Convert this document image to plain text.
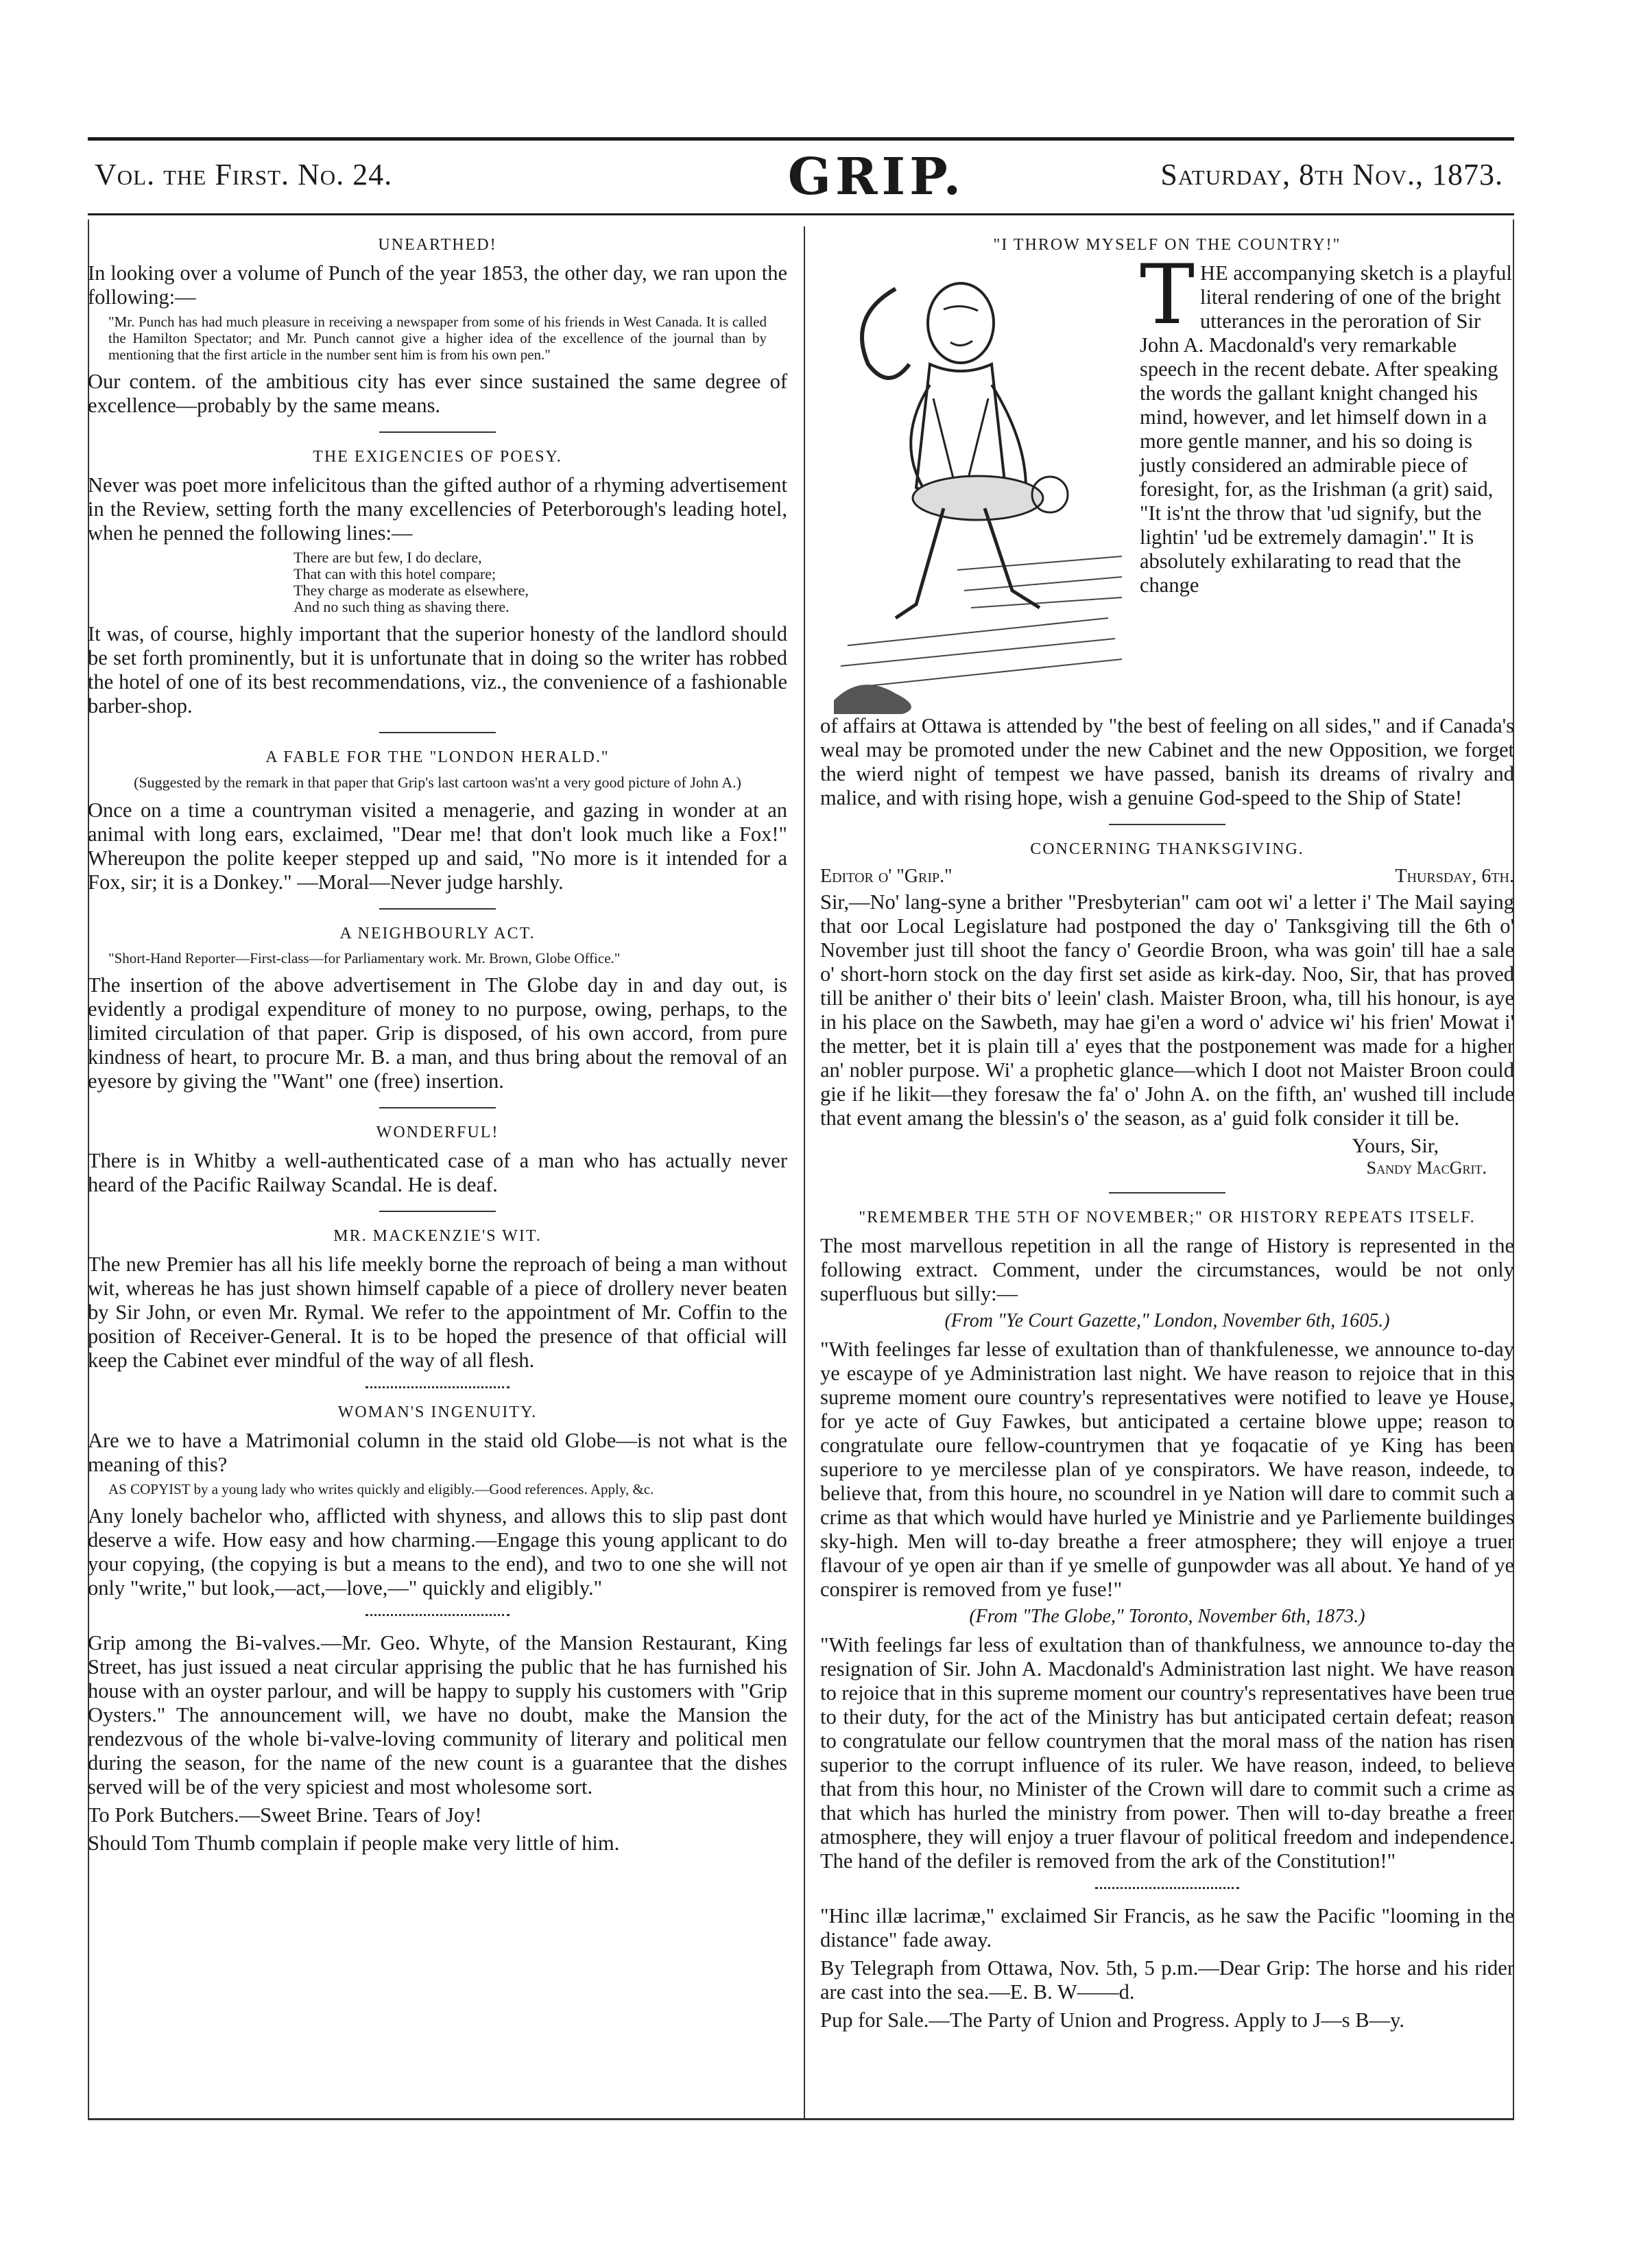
Vol. the First. No. 24.	GRIP.	Saturday, 8th Nov., 1873.
UNEARTHED!

In looking over a volume of Punch of the year 1853, the other day, we ran upon the following:—

"Mr. Punch has had much pleasure in receiving a newspaper from some of his friends in West Canada. It is called the Hamilton Spectator; and Mr. Punch cannot give a higher idea of the excellence of the journal than by mentioning that the first article in the number sent him is from his own pen."

Our contem. of the ambitious city has ever since sustained the same degree of excellence—probably by the same means.

THE EXIGENCIES OF POESY.

Never was poet more infelicitous than the gifted author of a rhyming advertisement in the Review, setting forth the many excellencies of Peterborough's leading hotel, when he penned the following lines:—

There are but few, I do declare,
That can with this hotel compare;
They charge as moderate as elsewhere,
And no such thing as shaving there.

It was, of course, highly important that the superior honesty of the landlord should be set forth prominently, but it is unfortunate that in doing so the writer has robbed the hotel of one of its best recommendations, viz., the convenience of a fashionable barber-shop.

A FABLE FOR THE "LONDON HERALD."

(Suggested by the remark in that paper that Grip's last cartoon was'nt a very good picture of John A.)

Once on a time a countryman visited a menagerie, and gazing in wonder at an animal with long ears, exclaimed, "Dear me! that don't look much like a Fox!" Whereupon the polite keeper stepped up and said, "No more is it intended for a Fox, sir; it is a Donkey." —Moral—Never judge harshly.

A NEIGHBOURLY ACT.

"Short-Hand Reporter—First-class—for Parliamentary work. Mr. Brown, Globe Office."

The insertion of the above advertisement in The Globe day in and day out, is evidently a prodigal expenditure of money to no purpose, owing, perhaps, to the limited circulation of that paper. Grip is disposed, of his own accord, from pure kindness of heart, to procure Mr. B. a man, and thus bring about the removal of an eyesore by giving the "Want" one (free) insertion.

WONDERFUL!

There is in Whitby a well-authenticated case of a man who has actually never heard of the Pacific Railway Scandal. He is deaf.

MR. MACKENZIE'S WIT.

The new Premier has all his life meekly borne the reproach of being a man without wit, whereas he has just shown himself capable of a piece of drollery never beaten by Sir John, or even Mr. Rymal. We refer to the appointment of Mr. Coffin to the position of Receiver-General. It is to be hoped the presence of that official will keep the Cabinet ever mindful of the way of all flesh.

WOMAN'S INGENUITY.

Are we to have a Matrimonial column in the staid old Globe—is not what is the meaning of this?

AS COPYIST by a young lady who writes quickly and eligibly.—Good references. Apply, &c.

Any lonely bachelor who, afflicted with shyness, and allows this to slip past dont deserve a wife. How easy and how charming.—Engage this young applicant to do your copying, (the copying is but a means to the end), and two to one she will not only "write," but look,—act,—love,—" quickly and eligibly."

Grip among the Bi-valves.—Mr. Geo. Whyte, of the Mansion Restaurant, King Street, has just issued a neat circular apprising the public that he has furnished his house with an oyster parlour, and will be happy to supply his customers with "Grip Oysters." The announcement will, we have no doubt, make the Mansion the rendezvous of the whole bi-valve-loving community of literary and political men during the season, for the name of the new count is a guarantee that the dishes served will be of the very spiciest and most wholesome sort.

To Pork Butchers.—Sweet Brine. Tears of Joy!

Should Tom Thumb complain if people make very little of him.

"I THROW MYSELF ON THE COUNTRY!"
T HE accompanying sketch is a playful literal rendering of one of the bright utterances in the peroration of Sir John A. Macdonald's very remarkable speech in the recent debate. After speaking the words the gallant knight changed his mind, however, and let himself down in a more gentle manner, and his so doing is justly considered an admirable piece of foresight, for, as the Irishman (a grit) said, "It is'nt the throw that 'ud signify, but the lightin' 'ud be extremely damagin'." It is absolutely exhilarating to read that the change

of affairs at Ottawa is attended by "the best of feeling on all sides," and if Canada's weal may be promoted under the new Cabinet and the new Opposition, we forget the wierd night of tempest we have passed, banish its dreams of rivalry and malice, and with rising hope, wish a genuine God-speed to the Ship of State!

CONCERNING THANKSGIVING.
Editor o' "Grip."	Thursday, 6th.

Sir,—No' lang-syne a brither "Presbyterian" cam oot wi' a letter i' The Mail saying that oor Local Legislature had postponed the day o' Tanksgiving till the 6th o' November just till shoot the fancy o' Geordie Broon, wha was goin' till hae a sale o' short-horn stock on the day first set aside as kirk-day. Noo, Sir, that has proved till be anither o' their bits o' leein' clash. Maister Broon, wha, till his honour, is aye in his place on the Sawbeth, may hae gi'en a word o' advice wi' his frien' Mowat i' the metter, bet it is plain till a' eyes that the postponement was made for a higher an' nobler purpose. Wi' a prophetic glance—which I doot not Maister Broon could gie if he likit—they foresaw the fa' o' John A. on the fifth, an' wushed till include that event amang the blessin's o' the season, as a' guid folk consider it till be.

Yours, Sir,
Sandy MacGrit.
"REMEMBER THE 5TH OF NOVEMBER;" OR HISTORY REPEATS ITSELF.

The most marvellous repetition in all the range of History is represented in the following extract. Comment, under the circumstances, would be not only superfluous but silly:—

(From "Ye Court Gazette," London, November 6th, 1605.)

"With feelinges far lesse of exultation than of thankfulenesse, we announce to-day ye escaype of ye Administration last night. We have reason to rejoice that in this supreme moment oure country's representatives were notified to leave ye House, for ye acte of Guy Fawkes, but anticipated a certaine blowe uppe; reason to congratulate oure fellow-countrymen that ye foqacatie of ye King has been superiore to ye mercilesse plan of ye conspirators. We have reason, indeede, to believe that, from this houre, no scoundrel in ye Nation will dare to commit such a crime as that which would have hurled ye Ministrie and ye Parliemente buildinges sky-high. Men will to-day breathe a freer atmosphere; they will enjoye a truer flavour of ye open air than if ye smelle of gunpowder was all about. Ye hand of ye conspirer is removed from ye fuse!"

(From "The Globe," Toronto, November 6th, 1873.)

"With feelings far less of exultation than of thankfulness, we announce to-day the resignation of Sir. John A. Macdonald's Administration last night. We have reason to rejoice that in this supreme moment our country's representatives have been true to their duty, for the act of the Ministry has but anticipated certain defeat; reason to congratulate our fellow countrymen that the moral mass of the nation has risen superior to the corrupt influence of its ruler. We have reason, indeed, to believe that from this hour, no Minister of the Crown will dare to commit such a crime as that which has hurled the ministry from power. Then will to-day breathe a freer atmosphere, they will enjoy a truer flavour of political freedom and independence. The hand of the defiler is removed from the ark of the Constitution!"

"Hinc illæ lacrimæ," exclaimed Sir Francis, as he saw the Pacific "looming in the distance" fade away.

By Telegraph from Ottawa, Nov. 5th, 5 p.m.—Dear Grip: The horse and his rider are cast into the sea.—E. B. W——d.

Pup for Sale.—The Party of Union and Progress. Apply to J—s B—y.
